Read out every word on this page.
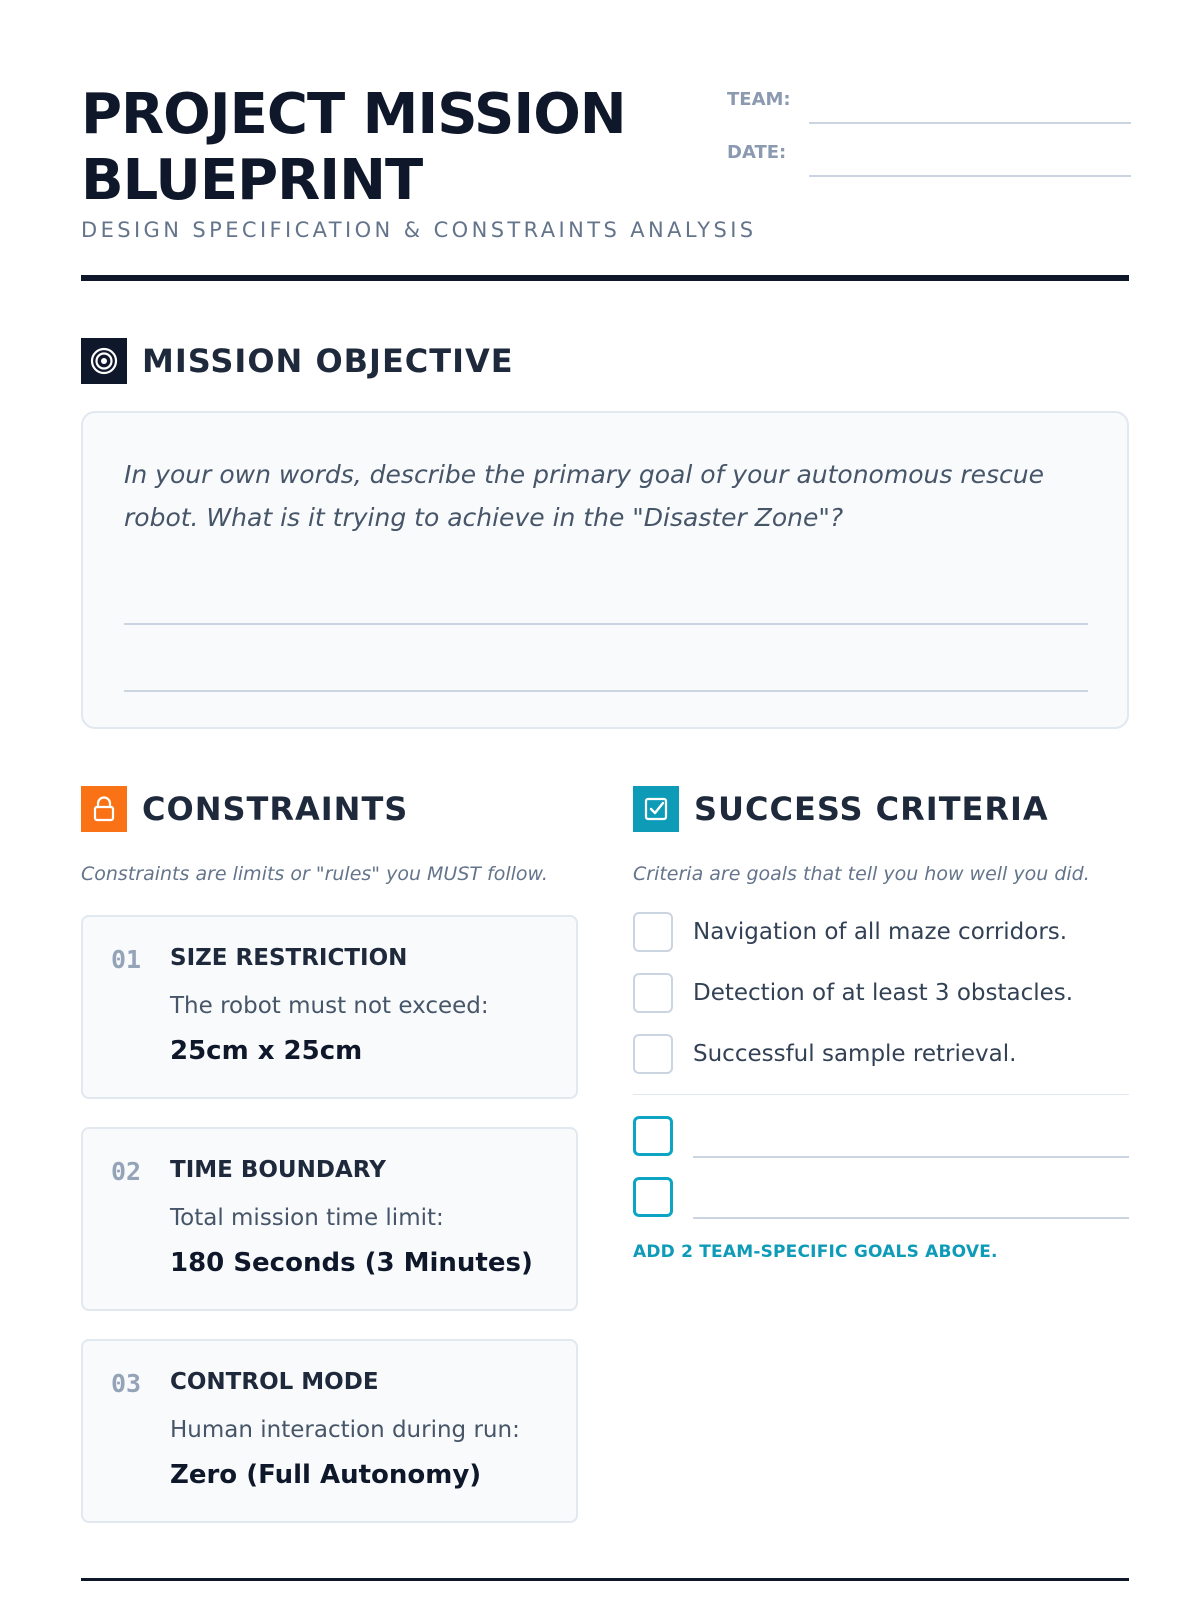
PROJECT MISSION BLUEPRINT
DESIGN SPECIFICATION & CONSTRAINTS ANALYSIS
TEAM:
DATE:
MISSION OBJECTIVE

In your own words, describe the primary goal of your autonomous rescue robot. What is it trying to achieve in the "Disaster Zone"?

CONSTRAINTS
Constraints are limits or "rules" you MUST follow.
01 SIZE RESTRICTION
The robot must not exceed:
25cm x 25cm
02 TIME BOUNDARY
Total mission time limit:
180 Seconds (3 Minutes)
03 CONTROL MODE
Human interaction during run:
Zero (Full Autonomy)
SUCCESS CRITERIA
Criteria are goals that tell you how well you did.
Navigation of all maze corridors.
Detection of at least 3 obstacles.
Successful sample retrieval.
ADD 2 TEAM-SPECIFIC GOALS ABOVE.
